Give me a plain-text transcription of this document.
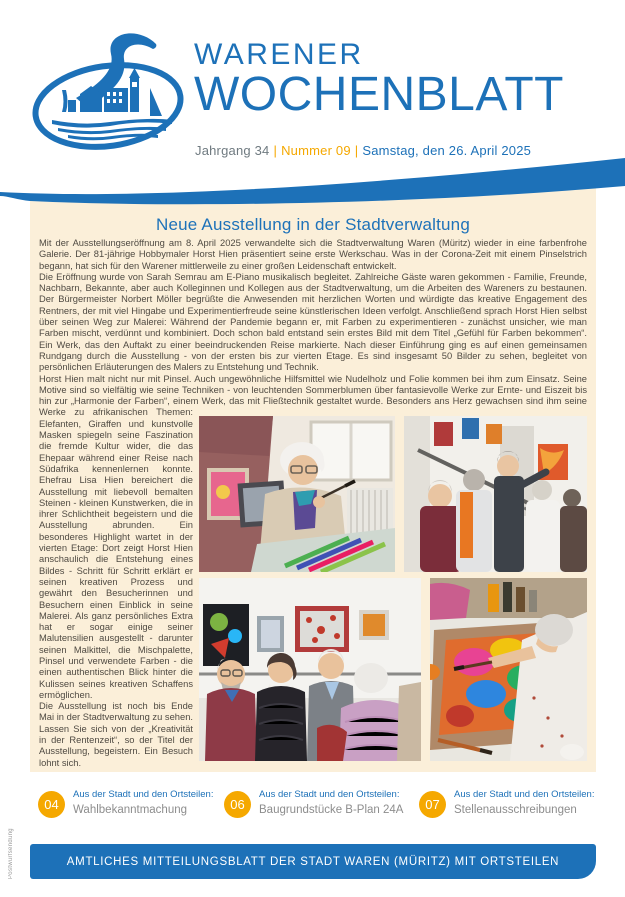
WARENER
WOCHENBLATT
Jahrgang 34 | Nummer 09 | Samstag, den 26. April 2025
Neue Ausstellung in der Stadtverwaltung

Mit der Ausstellungseröffnung am 8. April 2025 verwandelte sich die Stadtverwaltung Waren (Müritz) wieder in eine farbenfrohe Galerie. Der 81-jährige Hobbymaler Horst Hien präsentiert seine erste Werkschau. Was in der Corona-Zeit mit einem Pinselstrich begann, hat sich für den Warener mittlerweile zu einer großen Leidenschaft entwickelt.

Die Eröffnung wurde von Sarah Semrau am E-Piano musikalisch begleitet. Zahlreiche Gäste waren gekommen - Familie, Freunde, Nachbarn, Bekannte, aber auch Kolleginnen und Kollegen aus der Stadtverwaltung, um die Arbeiten des Wareners zu bestaunen. Der Bürgermeister Norbert Möller begrüßte die Anwesenden mit herzlichen Worten und würdigte das kreative Engagement des Rentners, der mit viel Hingabe und Experimentierfreude seine künstlerischen Ideen verfolgt. Anschließend sprach Horst Hien selbst über seinen Weg zur Malerei: Während der Pandemie begann er, mit Farben zu experimentieren - zunächst unsicher, wie man Farben mischt, verdünnt und kombiniert. Doch schon bald entstand sein erstes Bild mit dem Titel „Gefühl für Farben bekommen“. Ein Werk, das den Auftakt zu einer beeindruckenden Reise markierte. Nach dieser Einführung ging es auf einen gemeinsamen Rundgang durch die Ausstellung - von der ersten bis zur vierten Etage. Es sind insgesamt 50 Bilder zu sehen, begleitet von persönlichen Erläuterungen des Malers zu Entstehung und Technik.

Horst Hien malt nicht nur mit Pinsel. Auch ungewöhnliche Hilfsmittel wie Nudelholz und Folie kommen bei ihm zum Einsatz. Seine Motive sind so vielfältig wie seine Techniken - von leuchtenden Sommerblumen über fantasievolle Werke zur Ernte- und Eiszeit bis hin zur „Harmonie der Farben“, einem Werk, das mit Fließtechnik gestaltet wurde. Besonders ans Herz gewachsen sind ihm seine Werke zu afrikanischen Themen: Elefanten, Giraffen und kunstvolle Masken spiegeln seine Faszination die fremde Kultur wider, die das Ehepaar während einer Reise nach Südafrika kennenlernen konnte. Ehefrau Lisa Hien bereichert die Ausstellung mit liebevoll bemalten Steinen - kleinen Kunstwerken, die in ihrer Schlichtheit begeistern und die Ausstellung abrunden. Ein besonderes Highlight wartet in der vierten Etage: Dort zeigt Horst Hien anschaulich die Entstehung eines Bildes - Schritt für Schritt erklärt er seinen kreativen Prozess und gewährt den Besucherinnen und Besuchern einen Einblick in seine Malerei. Als ganz persönliches Extra hat er sogar einige seiner Malutensilien ausgestellt - darunter seinen Malkittel, die Mischpalette, Pinsel und verwendete Farben - die einen authentischen Blick hinter die Kulissen seines kreativen Schaffens ermöglichen.

Die Ausstellung ist noch bis Ende Mai in der Stadtverwaltung zu sehen. Lassen Sie sich von der „Kreativität in der Rentenzeit“, so der Titel der Ausstellung, begeistern. Ein Besuch lohnt sich.

04
Aus der Stadt und den Ortsteilen:
Wahlbekanntmachung	06
Aus der Stadt und den Ortsteilen:
Baugrundstücke B-Plan 24A	07
Aus der Stadt und den Ortsteilen:
Stellenausschreibungen
AMTLICHES MITTEILUNGSBLATT DER STADT WAREN (MÜRITZ) MIT ORTSTEILEN
Postwurfsendung
